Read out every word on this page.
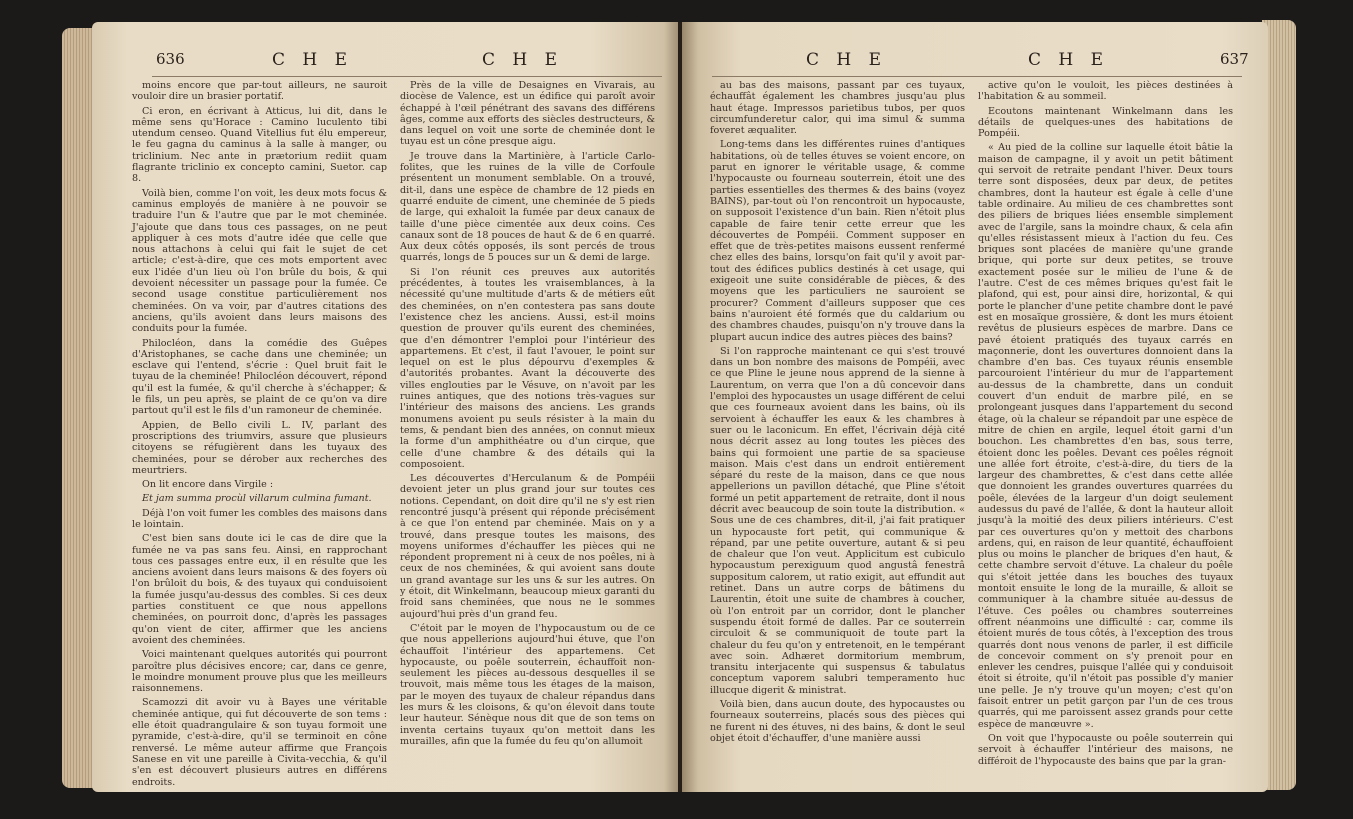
636	C H E	C H E

moins encore que par-tout ailleurs, ne sauroit vouloir dire un brasier portatif.

Ci eron, en écrivant à Atticus, lui dit, dans le même sens qu'Horace : Camino luculento tibi utendum censeo. Quand Vitellius fut élu empereur, le feu gagna du caminus à la salle à manger, ou triclinium. Nec ante in prætorium rediit quam flagrante triclinio ex concepto camini, Suetor. cap 8.

Voilà bien, comme l'on voit, les deux mots focus & caminus employés de manière à ne pouvoir se traduire l'un & l'autre que par le mot cheminée. J'ajoute que dans tous ces passages, on ne peut appliquer à ces mots d'autre idée que celle que nous attachons à celui qui fait le sujet de cet article; c'est-à-dire, que ces mots emportent avec eux l'idée d'un lieu où l'on brûle du bois, & qui devoient nécessiter un passage pour la fumée. Ce second usage constitue particulièrement nos cheminées. On va voir, par d'autres citations des anciens, qu'ils avoient dans leurs maisons des conduits pour la fumée.

Philocléon, dans la comédie des Guêpes d'Aristophanes, se cache dans une cheminée; un esclave qui l'entend, s'écrie : Quel bruit fait le tuyau de la cheminée! Philocléon découvert, répond qu'il est la fumée, & qu'il cherche à s'échapper; & le fils, un peu après, se plaint de ce qu'on va dire partout qu'il est le fils d'un ramoneur de cheminée.

Appien, de Bello civili L. IV, parlant des proscriptions des triumvirs, assure que plusieurs citoyens se réfugièrent dans les tuyaux des cheminées, pour se dérober aux recherches des meurtriers.

On lit encore dans Virgile :

Et jam summa procùl villarum culmina fumant.

Déjà l'on voit fumer les combles des maisons dans le lointain.

C'est bien sans doute ici le cas de dire que la fumée ne va pas sans feu. Ainsi, en rapprochant tous ces passages entre eux, il en résulte que les anciens avoient dans leurs maisons & des foyers où l'on brûloit du bois, & des tuyaux qui conduisoient la fumée jusqu'au-dessus des combles. Si ces deux parties constituent ce que nous appellons cheminées, on pourroit donc, d'après les passages qu'on vient de citer, affirmer que les anciens avoient des cheminées.

Voici maintenant quelques autorités qui pourront paroître plus décisives encore; car, dans ce genre, le moindre monument prouve plus que les meilleurs raisonnemens.

Scamozzi dit avoir vu à Bayes une véritable cheminée antique, qui fut découverte de son tems : elle étoit quadrangulaire & son tuyau formoit une pyramide, c'est-à-dire, qu'il se terminoit en cône renversé. Le même auteur affirme que François Sanese en vit une pareille à Civita-vecchia, & qu'il s'en est découvert plusieurs autres en différens endroits.

Près de la ville de Desaignes en Vivarais, au diocèse de Valence, est un édifice qui paroît avoir échappé à l'œil pénétrant des savans des différens âges, comme aux efforts des siècles destructeurs, & dans lequel on voit une sorte de cheminée dont le tuyau est un cône presque aigu.

Je trouve dans la Martinière, à l'article Carlo-folites, que les ruines de la ville de Corfoule présentent un monument semblable. On a trouvé, dit-il, dans une espèce de chambre de 12 pieds en quarré enduite de ciment, une cheminée de 5 pieds de large, qui exhaloit la fumée par deux canaux de taille d'une pièce cimentée aux deux coins. Ces canaux sont de 18 pouces de haut & de 6 en quarré. Aux deux côtés opposés, ils sont percés de trous quarrés, longs de 5 pouces sur un & demi de large.

Si l'on réunit ces preuves aux autorités précédentes, à toutes les vraisemblances, à la nécessité qu'une multitude d'arts & de métiers eût des cheminées, on n'en contestera pas sans doute l'existence chez les anciens. Aussi, est-il moins question de prouver qu'ils eurent des cheminées, que d'en démontrer l'emploi pour l'intérieur des appartemens. Et c'est, il faut l'avouer, le point sur lequel on est le plus dépourvu d'exemples & d'autorités probantes. Avant la découverte des villes englouties par le Vésuve, on n'avoit par les ruines antiques, que des notions très-vagues sur l'intérieur des maisons des anciens. Les grands monumens avoient pu seuls résister à la main du tems, & pendant bien des années, on connut mieux la forme d'un amphithéatre ou d'un cirque, que celle d'une chambre & des détails qui la composoient.

Les découvertes d'Herculanum & de Pompéii devoient jeter un plus grand jour sur toutes ces notions. Cependant, on doit dire qu'il ne s'y est rien rencontré jusqu'à présent qui réponde précisément à ce que l'on entend par cheminée. Mais on y a trouvé, dans presque toutes les maisons, des moyens uniformes d'échauffer les pièces qui ne répondent proprement ni à ceux de nos poêles, ni à ceux de nos cheminées, & qui avoient sans doute un grand avantage sur les uns & sur les autres. On y étoit, dit Winkelmann, beaucoup mieux garanti du froid sans cheminées, que nous ne le sommes aujourd'hui près d'un grand feu.

C'étoit par le moyen de l'hypocaustum ou de ce que nous appellerions aujourd'hui étuve, que l'on échauffoit l'intérieur des appartemens. Cet hypocauste, ou poêle souterrein, échauffoit non-seulement les pièces au-dessous desquelles il se trouvoit, mais même tous les étages de la maison, par le moyen des tuyaux de chaleur répandus dans les murs & les cloisons, & qu'on élevoit dans toute leur hauteur. Sénèque nous dit que de son tems on inventa certains tuyaux qu'on mettoit dans les murailles, afin que la fumée du feu qu'on allumoit

C H E	C H E	637

au bas des maisons, passant par ces tuyaux, échauffât également les chambres jusqu'au plus haut étage. Impressos parietibus tubos, per quos circumfunderetur calor, qui ima simul & summa foveret æqualiter.

Long-tems dans les différentes ruines d'antiques habitations, où de telles étuves se voient encore, on parut en ignorer le véritable usage, & comme l'hypocauste ou fourneau souterrein, étoit une des parties essentielles des thermes & des bains (voyez BAINS), par-tout où l'on rencontroit un hypocauste, on supposoit l'existence d'un bain. Rien n'étoit plus capable de faire tenir cette erreur que les découvertes de Pompéii. Comment supposer en effet que de très-petites maisons eussent renfermé chez elles des bains, lorsqu'on fait qu'il y avoit par-tout des édifices publics destinés à cet usage, qui exigeoit une suite considérable de pièces, & des moyens que les particuliers ne sauroient se procurer? Comment d'ailleurs supposer que ces bains n'auroient été formés que du caldarium ou des chambres chaudes, puisqu'on n'y trouve dans la plupart aucun indice des autres pièces des bains?

Si l'on rapproche maintenant ce qui s'est trouvé dans un bon nombre des maisons de Pompéii, avec ce que Pline le jeune nous apprend de la sienne à Laurentum, on verra que l'on a dû concevoir dans l'emploi des hypocaustes un usage différent de celui que ces fourneaux avoient dans les bains, où ils servoient à échauffer les eaux & les chambres à suer ou le laconicum. En effet, l'écrivain déjà cité nous décrit assez au long toutes les pièces des bains qui formoient une partie de sa spacieuse maison. Mais c'est dans un endroit entièrement séparé du reste de la maison, dans ce que nous appellerions un pavillon détaché, que Pline s'étoit formé un petit appartement de retraite, dont il nous décrit avec beaucoup de soin toute la distribution. « Sous une de ces chambres, dit-il, j'ai fait pratiquer un hypocauste fort petit, qui communique & répand, par une petite ouverture, autant & si peu de chaleur que l'on veut. Applicitum est cubiculo hypocaustum perexiguum quod angustâ fenestrâ suppositum calorem, ut ratio exigit, aut effundit aut retinet. Dans un autre corps de bâtimens du Laurentin, étoit une suite de chambres à coucher, où l'on entroit par un corridor, dont le plancher suspendu étoit formé de dalles. Par ce souterrein circuloit & se communiquoit de toute part la chaleur du feu qu'on y entretenoit, en le tempérant avec soin. Adhæret dormitorium membrum, transitu interjacente qui suspensus & tabulatus conceptum vaporem salubri temperamento huc illucque digerit & ministrat.

Voilà bien, dans aucun doute, des hypocaustes ou fourneaux souterreins, placés sous des pièces qui ne furent ni des étuves, ni des bains, & dont le seul objet étoit d'échauffer, d'une manière aussi

active qu'on le vouloit, les pièces destinées à l'habitation & au sommeil.

Ecoutons maintenant Winkelmann dans les détails de quelques-unes des habitations de Pompéii.

« Au pied de la colline sur laquelle étoit bâtie la maison de campagne, il y avoit un petit bâtiment qui servoit de retraite pendant l'hiver. Deux tours terre sont disposées, deux par deux, de petites chambres, dont la hauteur est égale à celle d'une table ordinaire. Au milieu de ces chambrettes sont des piliers de briques liées ensemble simplement avec de l'argile, sans la moindre chaux, & cela afin qu'elles résistassent mieux à l'action du feu. Ces briques sont placées de manière qu'une grande brique, qui porte sur deux petites, se trouve exactement posée sur le milieu de l'une & de l'autre. C'est de ces mêmes briques qu'est fait le plafond, qui est, pour ainsi dire, horizontal, & qui porte le plancher d'une petite chambre dont le pavé est en mosaïque grossière, & dont les murs étoient revêtus de plusieurs espèces de marbre. Dans ce pavé étoient pratiqués des tuyaux carrés en maçonnerie, dont les ouvertures donnoient dans la chambre d'en bas. Ces tuyaux réunis ensemble parcouroient l'intérieur du mur de l'appartement au-dessus de la chambrette, dans un conduit couvert d'un enduit de marbre pilé, en se prolongeant jusques dans l'appartement du second étage, où la chaleur se répandoit par une espèce de mitre de chien en argile, lequel étoit garni d'un bouchon. Les chambrettes d'en bas, sous terre, étoient donc les poêles. Devant ces poêles régnoit une allée fort étroite, c'est-à-dire, du tiers de la largeur des chambrettes, & c'est dans cette allée que donnoient les grandes ouvertures quarrées du poêle, élevées de la largeur d'un doigt seulement audessus du pavé de l'allée, & dont la hauteur alloit jusqu'à la moitié des deux piliers intérieurs. C'est par ces ouvertures qu'on y mettoit des charbons ardens, qui, en raison de leur quantité, échauffoient plus ou moins le plancher de briques d'en haut, & cette chambre servoit d'étuve. La chaleur du poêle qui s'étoit jettée dans les bouches des tuyaux montoit ensuite le long de la muraille, & alloit se communiquer à la chambre située au-dessus de l'étuve. Ces poêles ou chambres souterreines offrent néanmoins une difficulté : car, comme ils étoient murés de tous côtés, à l'exception des trous quarrés dont nous venons de parler, il est difficile de concevoir comment on s'y prenoit pour en enlever les cendres, puisque l'allée qui y conduisoit étoit si étroite, qu'il n'étoit pas possible d'y manier une pelle. Je n'y trouve qu'un moyen; c'est qu'on faisoit entrer un petit garçon par l'un de ces trous quarrés, qui me paroissent assez grands pour cette espèce de manœuvre ».

On voit que l'hypocauste ou poêle souterrein qui servoit à échauffer l'intérieur des maisons, ne différoit de l'hypocauste des bains que par la gran-
